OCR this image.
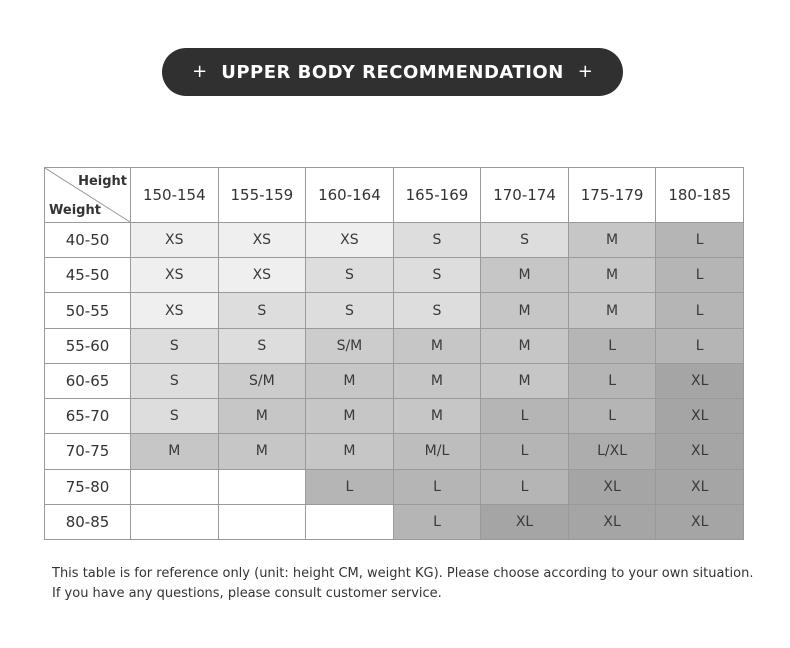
+ UPPER BODY RECOMMENDATION +
Height
Weight	150-154	155-159	160-164	165-169	170-174	175-179	180-185
40-50	XS	XS	XS	S	S	M	L
45-50	XS	XS	S	S	M	M	L
50-55	XS	S	S	S	M	M	L
55-60	S	S	S/M	M	M	L	L
60-65	S	S/M	M	M	M	L	XL
65-70	S	M	M	M	L	L	XL
70-75	M	M	M	M/L	L	L/XL	XL
75-80			L	L	L	XL	XL
80-85				L	XL	XL	XL

This table is for reference only (unit: height CM, weight KG). Please choose according to your own situation.

If you have any questions, please consult customer service.
